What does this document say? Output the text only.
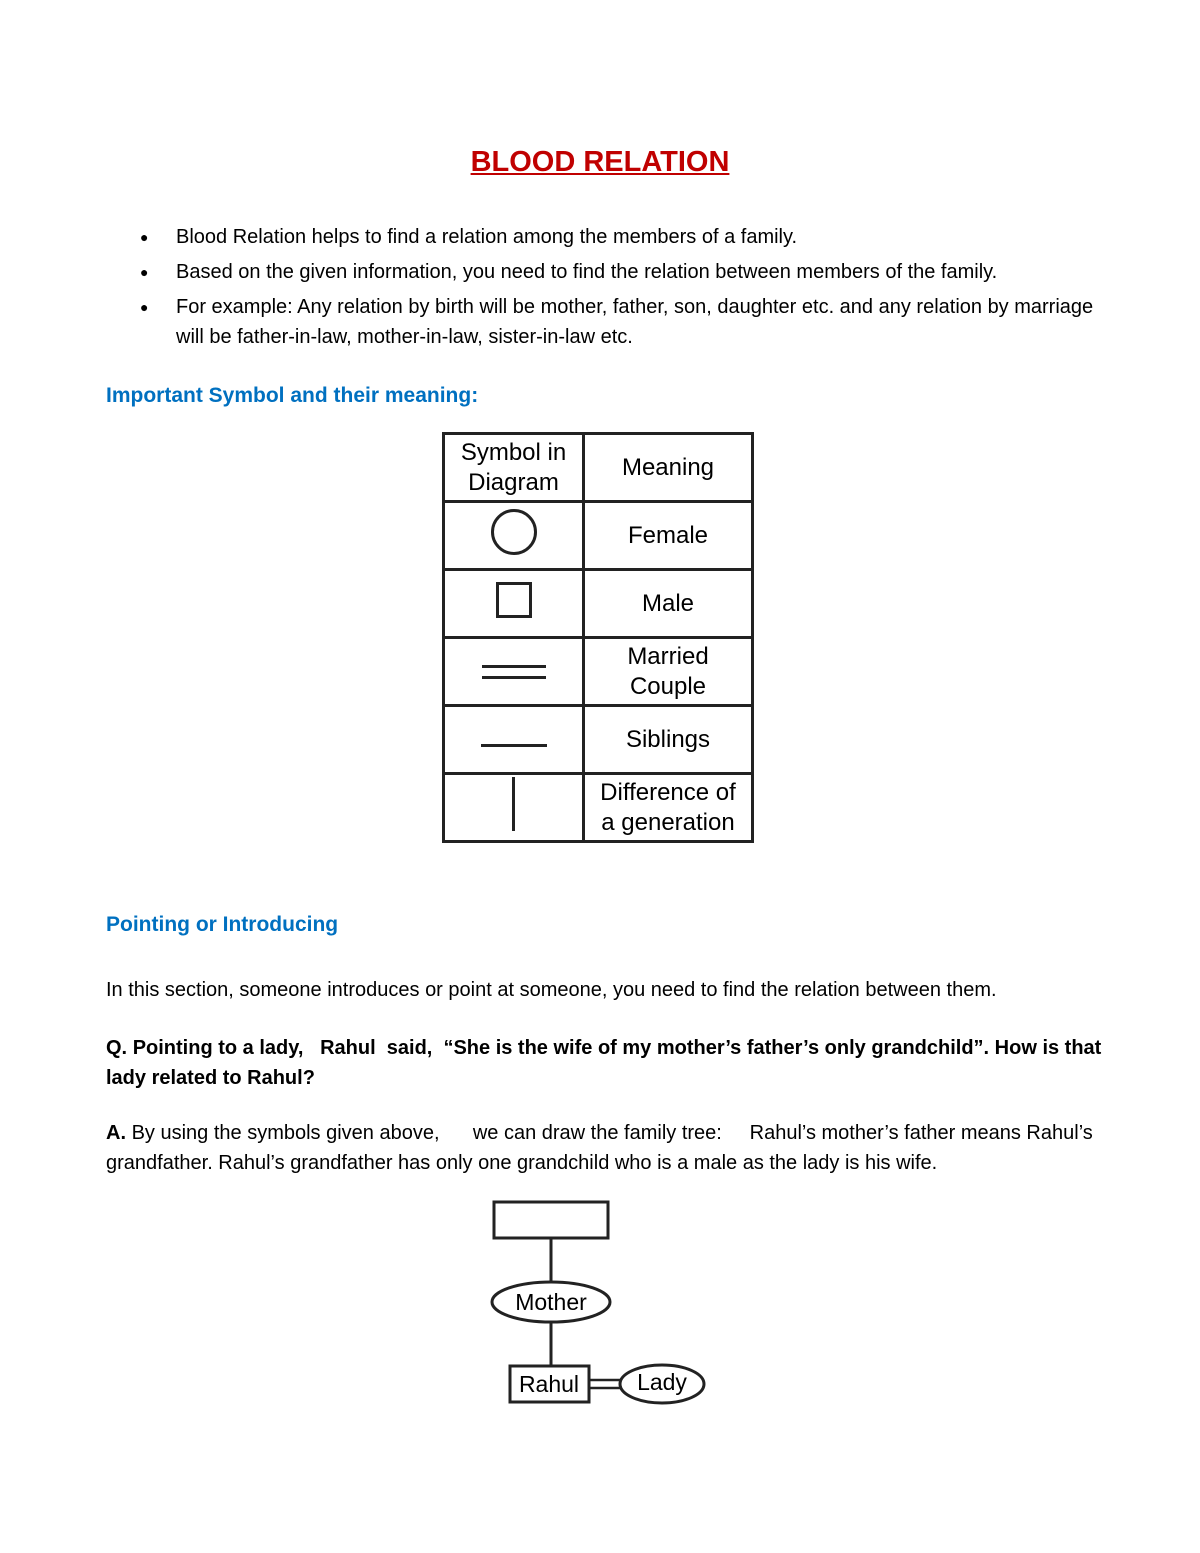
BLOOD RELATION
● Blood Relation helps to find a relation among the members of a family.
● Based on the given information, you need to find the relation between members of the family.
● For example: Any relation by birth will be mother, father, son, daughter etc. and any relation by marriage will be father-in-law, mother-in-law, sister-in-law etc.
Important Symbol and their meaning:
Symbol in
Diagram	Meaning
	Female
	Male
	Married
Couple
	Siblings
	Difference of
a generation
Pointing or Introducing
In this section, someone introduces or point at someone, you need to find the relation between them.
Q. Pointing to a lady,   Rahul  said,  “She is the wife of my mother’s father’s only grandchild”. How is that lady related to Rahul?
A. By using the symbols given above,      we can draw the family tree:     Rahul’s mother’s father means Rahul’s grandfather. Rahul’s grandfather has only one grandchild who is a male as the lady is his wife.
Mother
Rahul	Lady
